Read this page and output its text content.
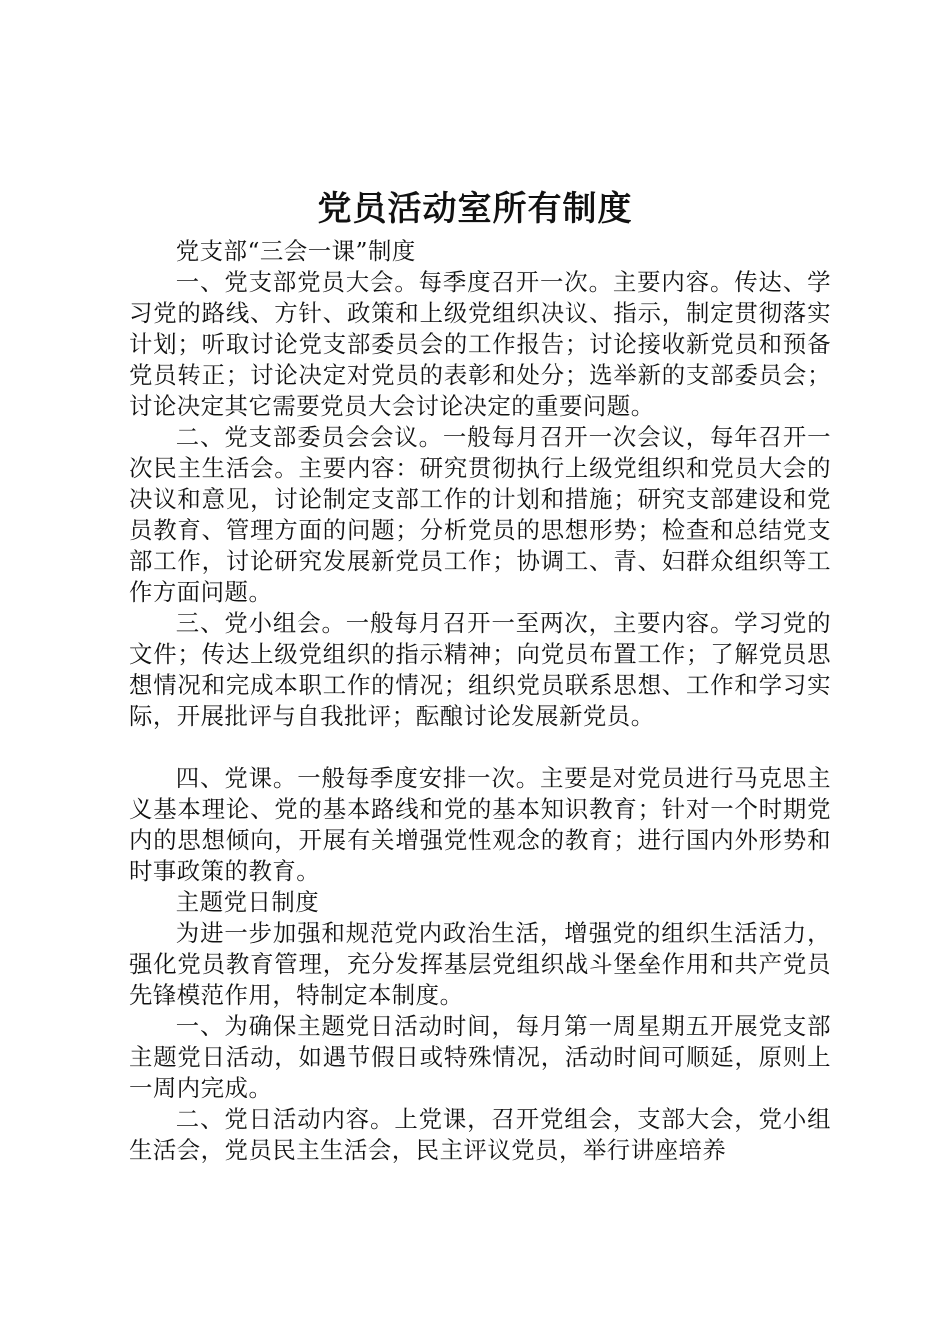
党员活动室所有制度

党支部“三会一课”制度

一、党支部党员大会。每季度召开一次。主要内容。传达、学习党的路线、方针、政策和上级党组织决议、指示，制定贯彻落实计划；听取讨论党支部委员会的工作报告；讨论接收新党员和预备党员转正；讨论决定对党员的表彰和处分；选举新的支部委员会；讨论决定其它需要党员大会讨论决定的重要问题。

二、党支部委员会会议。一般每月召开一次会议，每年召开一次民主生活会。主要内容：研究贯彻执行上级党组织和党员大会的决议和意见，讨论制定支部工作的计划和措施；研究支部建设和党员教育、管理方面的问题；分析党员的思想形势；检查和总结党支部工作，讨论研究发展新党员工作；协调工、青、妇群众组织等工作方面问题。

三、党小组会。一般每月召开一至两次，主要内容。学习党的文件；传达上级党组织的指示精神；向党员布置工作；了解党员思想情况和完成本职工作的情况；组织党员联系思想、工作和学习实际，开展批评与自我批评；酝酿讨论发展新党员。

四、党课。一般每季度安排一次。主要是对党员进行马克思主义基本理论、党的基本路线和党的基本知识教育；针对一个时期党内的思想倾向，开展有关增强党性观念的教育；进行国内外形势和时事政策的教育。

主题党日制度

为进一步加强和规范党内政治生活，增强党的组织生活活力，强化党员教育管理，充分发挥基层党组织战斗堡垒作用和共产党员先锋模范作用，特制定本制度。

一、为确保主题党日活动时间，每月第一周星期五开展党支部主题党日活动，如遇节假日或特殊情况，活动时间可顺延，原则上一周内完成。

二、党日活动内容。上党课，召开党组会，支部大会，党小组生活会，党员民主生活会，民主评议党员，举行讲座培养
